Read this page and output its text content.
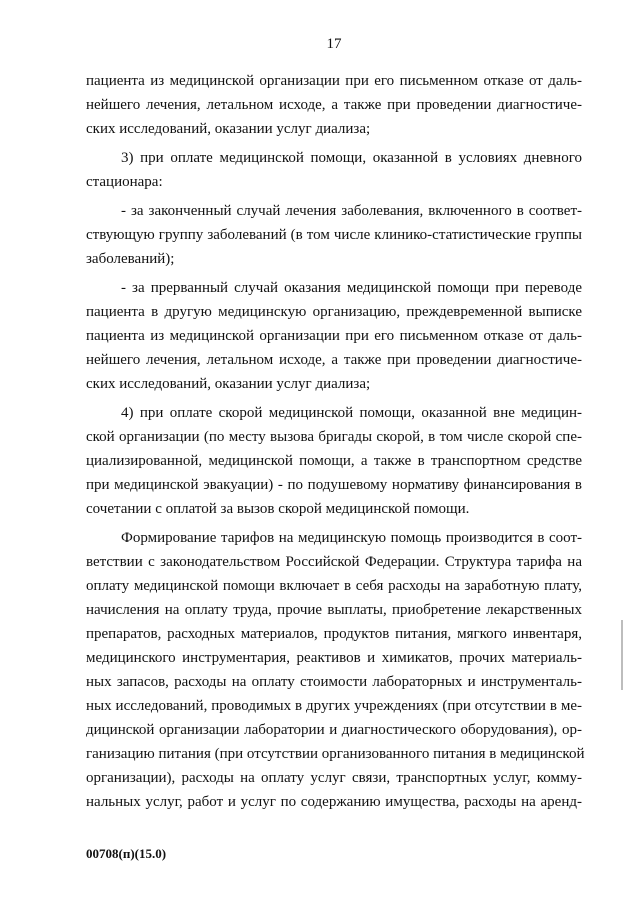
17
пациента из медицинской организации при его письменном отказе от даль-
нейшего лечения, летальном исходе, а также при проведении диагностиче-
ских исследований, оказании услуг диализа;
3) при оплате медицинской помощи, оказанной в условиях дневного
стационара:
- за законченный случай лечения заболевания, включенного в соответ-
ствующую группу заболеваний (в том числе клинико-статистические группы
заболеваний);
- за прерванный случай оказания медицинской помощи при переводе
пациента в другую медицинскую организацию, преждевременной выписке
пациента из медицинской организации при его письменном отказе от даль-
нейшего лечения, летальном исходе, а также при проведении диагностиче-
ских исследований, оказании услуг диализа;
4) при оплате скорой медицинской помощи, оказанной вне медицин-
ской организации (по месту вызова бригады скорой, в том числе скорой спе-
циализированной, медицинской помощи, а также в транспортном средстве
при медицинской эвакуации) - по подушевому нормативу финансирования в
сочетании с оплатой за вызов скорой медицинской помощи.
Формирование тарифов на медицинскую помощь производится в соот-
ветствии с законодательством Российской Федерации. Структура тарифа на
оплату медицинской помощи включает в себя расходы на заработную плату,
начисления на оплату труда, прочие выплаты, приобретение лекарственных
препаратов, расходных материалов, продуктов питания, мягкого инвентаря,
медицинского инструментария, реактивов и химикатов, прочих материаль-
ных запасов, расходы на оплату стоимости лабораторных и инструменталь-
ных исследований, проводимых в других учреждениях (при отсутствии в ме-
дицинской организации лаборатории и диагностического оборудования), ор-
ганизацию питания (при отсутствии организованного питания в медицинской
организации), расходы на оплату услуг связи, транспортных услуг, комму-
нальных услуг, работ и услуг по содержанию имущества, расходы на аренд-
00708(п)(15.0)
